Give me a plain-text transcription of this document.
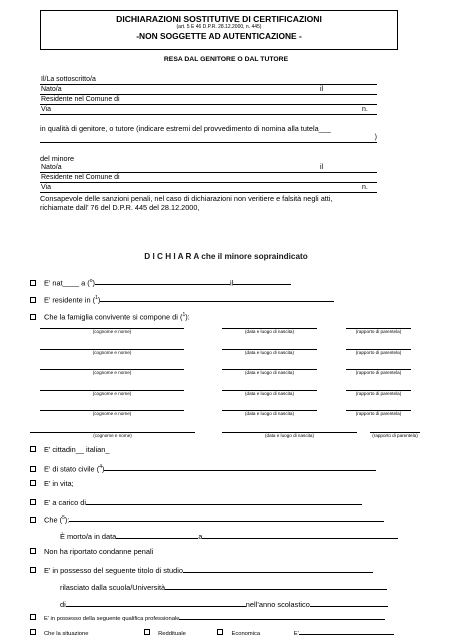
DICHIARAZIONI SOSTITUTIVE DI CERTIFICAZIONI
(art. 5 E 46 D.P.R. 28.12.2000, n. 445)
-NON SOGGETTE AD AUTENTICAZIONE -
RESA DAL GENITORE O DAL TUTORE
Il/La sottoscritto/a		
Nato/a	il	
Residente nel Comune di		
Via		n.
in qualità di genitore, o tutore (indicare estremi del provvedimento di nomina alla tutela___
)
del minore
Nato/a	il	
Residente nel Comune di		
Via		n.
Consapevole delle sanzioni penali, nel caso di dichiarazioni non veritiere e falsità negli atti,
richiamate dall’ 76 del D.P.R. 445 del 28.12.2000,
D I C H I A R A che il minore sopraindicato
E’ nat____ a ($^o$)	il
E’ residente in ($^1$)
Che la famiglia convivente si compone di ($^1$):
(cognome e nome)	(data e luogo di nascita)	(rapporto di parentela)
(cognome e nome)	(data e luogo di nascita)	(rapporto di parentela)
(cognome e nome)	(data e luogo di nascita)	(rapporto di parentela)
(cognome e nome)	(data e luogo di nascita)	(rapporto di parentela)
(cognome e nome)	(data e luogo di nascita)	(rapporto di parentela)
(cognome e nome)	(data e luogo di nascita)	(rapporto di parentela)
E’ cittadin__ italian_
E’ di stato civile ($^4$)
E’ in vita;
E’ a carico di
Che ($^5$):
È morto/a in data	a
Non ha riportato condanne penali
E’ in possesso del seguente titolo di studio
rilasciato dalla scuola/Università
di	nell’anno scolastico
E’ in possesso della seguente qualifica professionale
Che la situazione	Reddituale	Economica	E’
